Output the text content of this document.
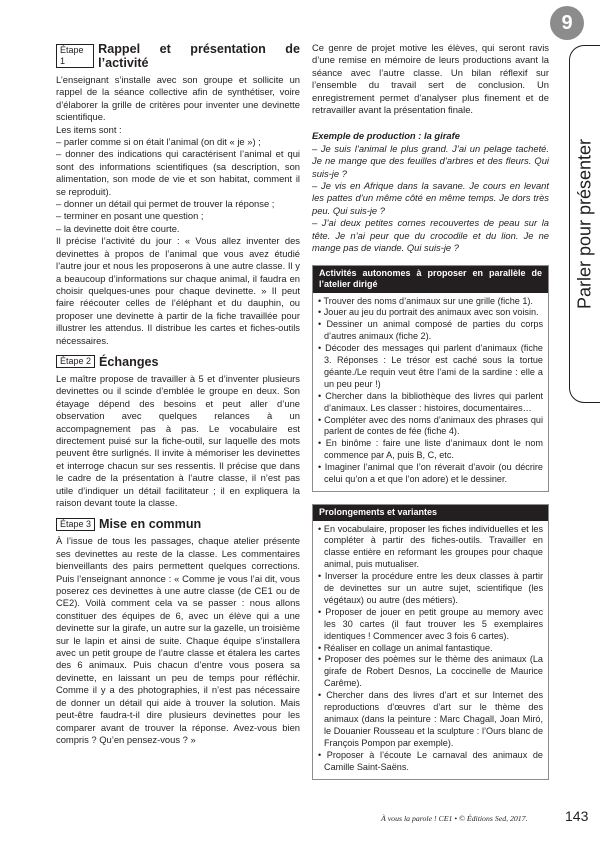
9
Parler pour présenter
Étape 1
Rappel et présentation de l’activité

L’enseignant s’installe avec son groupe et sollicite un rappel de la séance collective afin de synthétiser, voire d’élaborer la grille de critères pour inventer une devinette scientifique.

Les items sont :

– parler comme si on était l’animal (on dit « je ») ;

– donner des indications qui caractérisent l’animal et qui sont des informations scientifiques (sa description, son alimentation, son mode de vie et son habitat, comment il se reproduit).

– donner un détail qui permet de trouver la réponse ;

– terminer en posant une question ;

– la devinette doit être courte.

Il précise l’activité du jour : « Vous allez inventer des devinettes à propos de l’animal que vous avez étudié l’autre jour et nous les proposerons à une autre classe. Il y a beaucoup d’informations sur chaque animal, il faudra en choisir quelques-unes pour chaque devinette. » Il peut faire réécouter celles de l’éléphant et du dauphin, ou proposer une devinette à partir de la fiche travaillée pour illustrer les attendus. Il distribue les cartes et fiches-outils nécessaires.

Étape 2 Échanges

Le maître propose de travailler à 5 et d’inventer plusieurs devinettes ou il scinde d’emblée le groupe en deux. Son étayage dépend des besoins et peut aller d’une observation avec quelques relances à un accompagnement pas à pas. Le vocabulaire est directement puisé sur la fiche-outil, sur laquelle des mots peuvent être surlignés. Il invite à mémoriser les devinettes et interroge chacun sur ses ressentis. Il précise que dans le cadre de la présentation à l’autre classe, il n’est pas utile d’indiquer un détail facilitateur ; il en expliquera la raison devant toute la classe.

Étape 3 Mise en commun

À l’issue de tous les passages, chaque atelier présente ses devinettes au reste de la classe. Les commentaires bienveillants des pairs permettent quelques corrections. Puis l’enseignant annonce : « Comme je vous l’ai dit, vous poserez ces devinettes à une autre classe (de CE1 ou de CE2). Voilà comment cela va se passer : nous allons constituer des équipes de 6, avec un élève qui a une devinette sur la girafe, un autre sur la gazelle, un troisième sur le lapin et ainsi de suite. Chaque équipe s’installera avec un petit groupe de l’autre classe et étalera les cartes des 6 animaux. Puis chacun d’entre vous posera sa devinette, en laissant un peu de temps pour réfléchir. Comme il y a des photographies, il n’est pas nécessaire de donner un détail qui aide à trouver la solution. Mais peut-être faudra-t-il dire plusieurs devinettes pour les comparer avant de trouver la réponse. Avez-vous bien compris ? Qu’en pensez-vous ? »

Ce genre de projet motive les élèves, qui seront ravis d’une remise en mémoire de leurs productions avant la séance avec l’autre classe. Un bilan réflexif sur l’ensemble du travail sert de conclusion. Un enregistrement permet d’analyser plus finement et de retravailler avant la présentation finale.

Exemple de production : la girafe

– Je suis l’animal le plus grand. J’ai un pelage tacheté. Je ne mange que des feuilles d’arbres et des fleurs. Qui suis-je ?

– Je vis en Afrique dans la savane. Je cours en levant les pattes d’un même côté en même temps. Je dors très peu. Qui suis-je ?

– J’ai deux petites cornes recouvertes de peau sur la tête. Je n’ai peur que du crocodile et du lion. Je ne mange pas de viande. Qui suis-je ?

Activités autonomes à proposer en parallèle de l’atelier dirigé
• Trouver des noms d’animaux sur une grille (fiche 1).
• Jouer au jeu du portrait des animaux avec son voisin.
• Dessiner un animal composé de parties du corps d’autres animaux (fiche 2).
• Décoder des messages qui parlent d’animaux (fiche 3. Réponses : Le trésor est caché sous la tortue géante./Le requin veut être l’ami de la sardine : elle a un peu peur !)
• Chercher dans la bibliothèque des livres qui parlent d’animaux. Les classer : histoires, documentaires…
• Compléter avec des noms d’animaux des phrases qui parlent de contes de fée (fiche 4).
• En binôme : faire une liste d’animaux dont le nom commence par A, puis B, C, etc.
• Imaginer l’animal que l’on réverait d’avoir (ou décrire celui qu’on a et que l’on adore) et le dessiner.
Prolongements et variantes
• En vocabulaire, proposer les fiches individuelles et les compléter à partir des fiches-outils. Travailler en classe entière en reformant les groupes pour chaque animal, puis mutualiser.
• Inverser la procédure entre les deux classes à partir de devinettes sur un autre sujet, scientifique (les végétaux) ou autre (des métiers).
• Proposer de jouer en petit groupe au memory avec les 30 cartes (il faut trouver les 5 exemplaires identiques ! Commencer avec 3 fois 6 cartes).
• Réaliser en collage un animal fantastique.
• Proposer des poèmes sur le thème des animaux (La girafe de Robert Desnos, La coccinelle de Maurice Carême).
• Chercher dans des livres d’art et sur Internet des reproductions d’œuvres d’art sur le thème des animaux (dans la peinture : Marc Chagall, Joan Miró, le Douanier Rousseau et la sculpture : l’Ours blanc de François Pompon par exemple).
• Proposer à l’écoute Le carnaval des animaux de Camille Saint-Saëns.
À vous la parole ! CE1 • © Éditions Sed, 2017.	143
